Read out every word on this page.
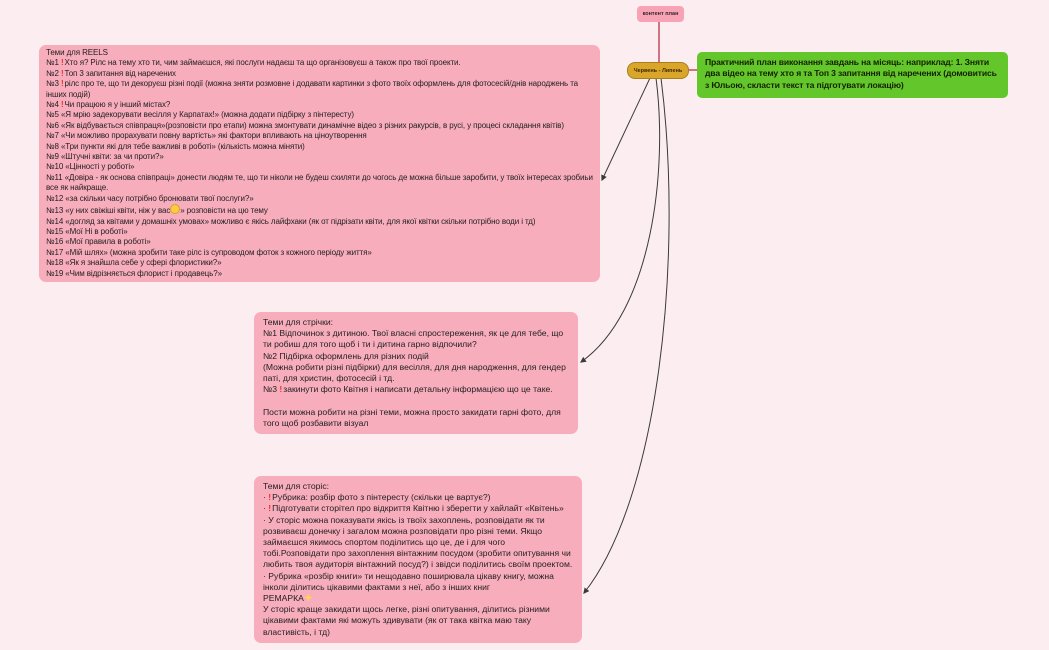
Теми для REELS
№1 !Хто я? Рілс на тему хто ти, чим займаєшся, які послуги надаєш та що організовуєш а також про твої проекти.
№2 !Топ 3 запитання від наречених
№3 !рілс про те, що ти декоруєш різні події (можна зняти розмовне і додавати картинки з фото твоїх оформлень для фотосесій/днів народжень та інших подій)
№4 !Чи працюю я у інший містах?
№5 «Я мрію задекорувати весілля у Карпатах!» (можна додати підбірку з пінтересту)
№6 «Як відбувається співпраця»(розповісти про етапи) можна змонтувати динамічне відео з різних ракурсів, в русі, у процесі складання квітів)
№7 «Чи можливо прорахувати повну вартість» які фактори впливають на ціноутворення
№8 «Три пункти які для тебе важливі в роботі» (кількість можна міняти)
№9 «Штучні квіти: за чи проти?»
№10 «Цінності у роботі»
№11 «Довіра - як основа співпраці» донести людям те, що ти ніколи не будеш схиляти до чогось де можна більше заробити, у твоїх інтересах зробиьи все як найкраще.
№12 «за скільки часу потрібно бронювати твої послуги?»
№13 «у них свіжіші квіти, ніж у вас » розповісти на цю тему
№14 «догляд за квітами у домашніх умовах» можливо є якісь лайфхаки (як от підрізати квіти, для якої квітки скільки потрібно води і тд)
№15 «Мої Ні в роботі»
№16 «Мої правила в роботі»
№17 «Мій шлях» (можна зробити таке рілс із супроводом фоток з кожного періоду життя»
№18 «Як я знайшла себе у сфері флористики?»
№19 «Чим відрізняється флорист і продавець?»
Теми для стрічки:
№1 Відпочинок з дитиною. Твої власні спростереження, як це для тебе, що ти робиш для того щоб і ти і дитина гарно відпочили?
№2 Підбірка оформлень для різних подій
(Можна робити різні підбірки) для весілля, для дня народження, для гендер паті, для христин, фотосесій і тд.
№3 !закинути фото Квітня і написати детальну інформацією що це таке.

Пости можна робити на різні теми, можна просто закидати гарні фото, для того щоб розбавити візуал
Теми для сторіс:
· !Рубрика: розбір фото з пінтересту (скільки це вартує?)
· !Підготувати сторітел про відкриття Квітню і зберегти у хайлайт «Квітень»
· У сторіс можна показувати якісь із твоїх захоплень, розповідати як ти розвиваєш донечку і загалом можна розповідати про різні теми. Якщо займаєшся якимось спортом поділитись що це, де і для чого тобі.Розповідати про захоплення вінтажним посудом (зробити опитування чи любить твоя аудиторія вінтажний посуд?) і звідси поділитись своїм проектом.
· Рубрика «розбір книги» ти нещодавно поширювала цікаву книгу, можна інколи ділитись цікавими фактами з неї, або з інших книг
РЕМАРКА
У сторіс краще закидати щось легке, різні опитування, ділитись різними цікавими фактами які можуть здивувати (як от така квітка маю таку властивість, і тд)
Практичний план виконання завдань на місяць: наприклад: 1. Зняти два відео на тему хто я та Топ 3 запитання від наречених (домовитись з Юльою, скласти текст та підготувати локацію)
контент план
Червень - Липень
